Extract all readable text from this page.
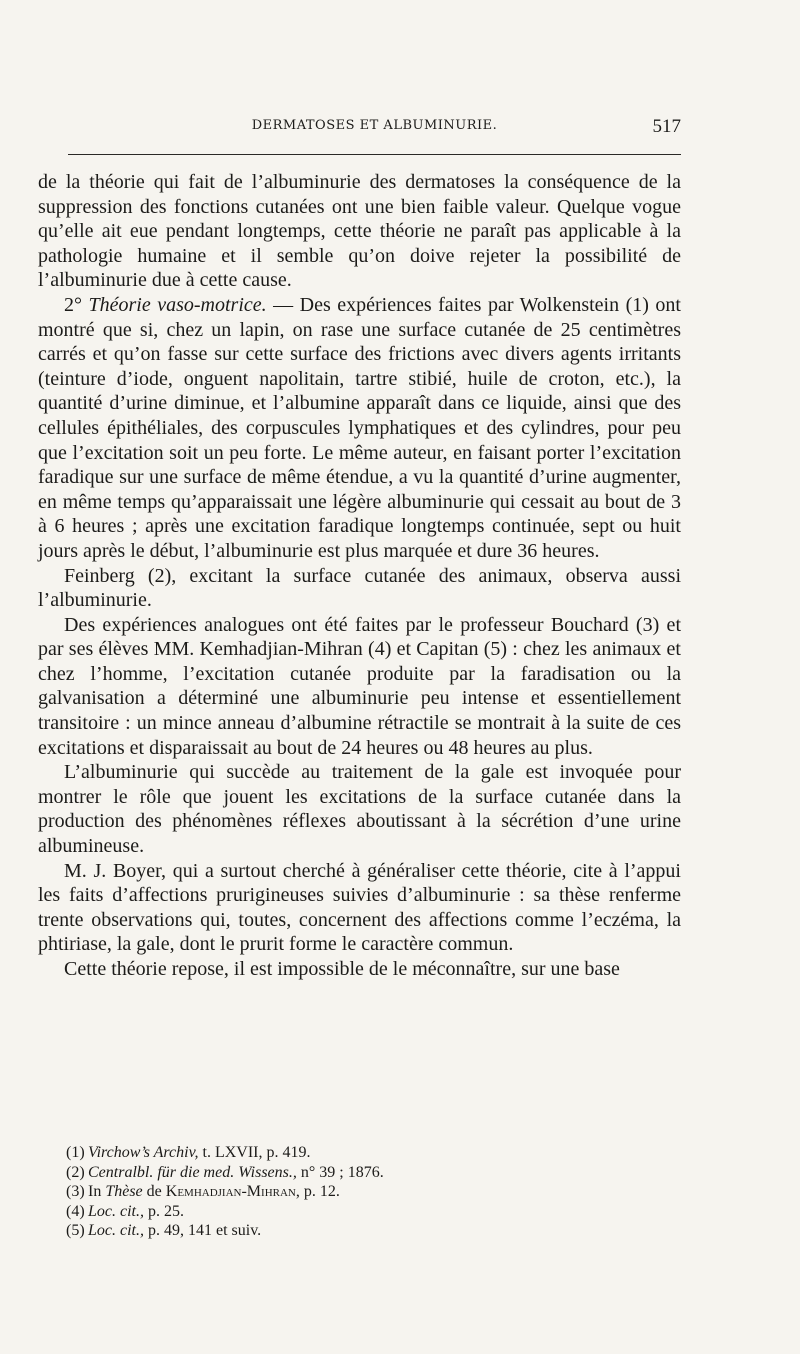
DERMATOSES ET ALBUMINURIE.	517

de la théorie qui fait de l’albuminurie des dermatoses la conséquence de la suppression des fonctions cutanées ont une bien faible valeur. Quelque vogue qu’elle ait eue pendant longtemps, cette théorie ne paraît pas applicable à la pathologie humaine et il semble qu’on doive rejeter la possibilité de l’albuminurie due à cette cause.

2° Théorie vaso-motrice. — Des expériences faites par Wolkenstein (1) ont montré que si, chez un lapin, on rase une surface cutanée de 25 centimètres carrés et qu’on fasse sur cette surface des frictions avec divers agents irritants (teinture d’iode, onguent napolitain, tartre stibié, huile de croton, etc.), la quantité d’urine diminue, et l’albumine apparaît dans ce liquide, ainsi que des cellules épithéliales, des corpuscules lymphatiques et des cylindres, pour peu que l’excitation soit un peu forte. Le même auteur, en faisant porter l’excitation faradique sur une surface de même étendue, a vu la quantité d’urine augmenter, en même temps qu’apparaissait une légère albuminurie qui cessait au bout de 3 à 6 heures ; après une excitation faradique longtemps continuée, sept ou huit jours après le début, l’albuminurie est plus marquée et dure 36 heures.

Feinberg (2), excitant la surface cutanée des animaux, observa aussi l’albuminurie.

Des expériences analogues ont été faites par le professeur Bouchard (3) et par ses élèves MM. Kemhadjian-Mihran (4) et Capitan (5) : chez les animaux et chez l’homme, l’excitation cutanée produite par la faradisation ou la galvanisation a déterminé une albuminurie peu intense et essentiellement transitoire : un mince anneau d’albumine rétractile se montrait à la suite de ces excitations et disparaissait au bout de 24 heures ou 48 heures au plus.

L’albuminurie qui succède au traitement de la gale est invoquée pour montrer le rôle que jouent les excitations de la surface cutanée dans la production des phénomènes réflexes aboutissant à la sécrétion d’une urine albumineuse.

M. J. Boyer, qui a surtout cherché à généraliser cette théorie, cite à l’appui les faits d’affections prurigineuses suivies d’albuminurie : sa thèse renferme trente observations qui, toutes, concernent des affections comme l’eczéma, la phtiriase, la gale, dont le prurit forme le caractère commun.

Cette théorie repose, il est impossible de le méconnaître, sur une base

(1) Virchow’s Archiv, t. LXVII, p. 419.
(2) Centralbl. für die med. Wissens., n° 39 ; 1876.
(3) In Thèse de Kemhadjian-Mihran, p. 12.
(4) Loc. cit., p. 25.
(5) Loc. cit., p. 49, 141 et suiv.
